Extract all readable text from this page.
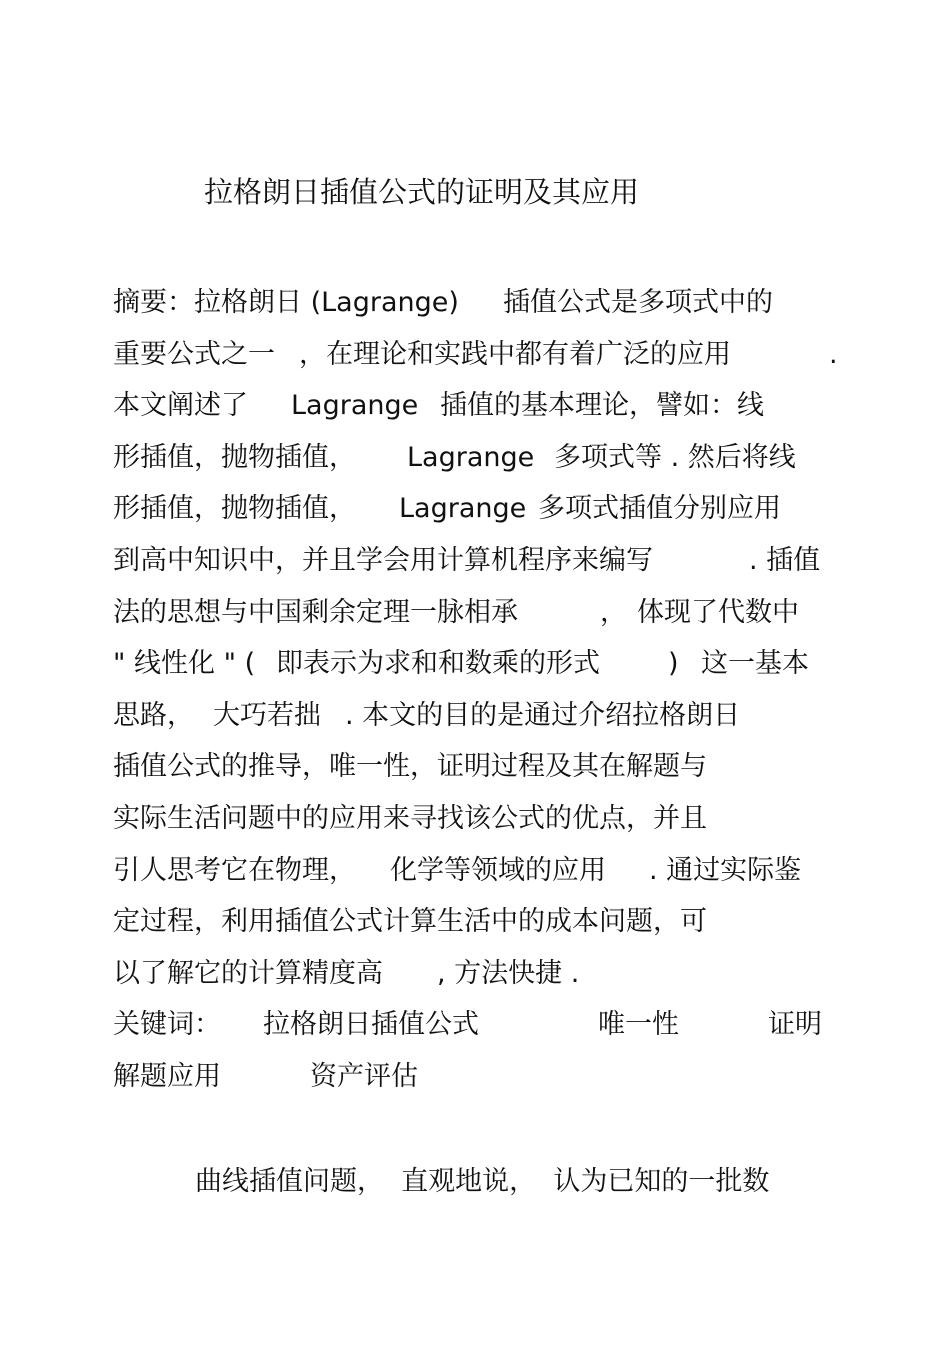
拉格朗日插值公式的证明及其应用
摘要：拉格朗日 (Lagrange) 插值公式是多项式中的
重要公式之一 ，在理论和实践中都有着广泛的应用	.
本文阐述了 Lagrange 插值的基本理论，譬如：线
形插值，抛物插值， Lagrange 多项式等 . 然后将线
形插值，抛物插值， Lagrange 多项式插值分别应用
到高中知识中，并且学会用计算机程序来编写	. 插值
法的思想与中国剩余定理一脉相承	， 体现了代数中
" 线性化 " ( 即表示为求和和数乘的形式	) 这一基本
思路， 大巧若拙 . 本文的目的是通过介绍拉格朗日
插值公式的推导，唯一性，证明过程及其在解题与
实际生活问题中的应用来寻找该公式的优点，并且
引人思考它在物理， 化学等领域的应用 . 通过实际鉴
定过程，利用插值公式计算生活中的成本问题，可
以了解它的计算精度高 , 方法快捷 .
关键词： 拉格朗日插值公式	唯一性	证明
解题应用	资产评估
曲线插值问题，  直观地说，  认为已知的一批数
